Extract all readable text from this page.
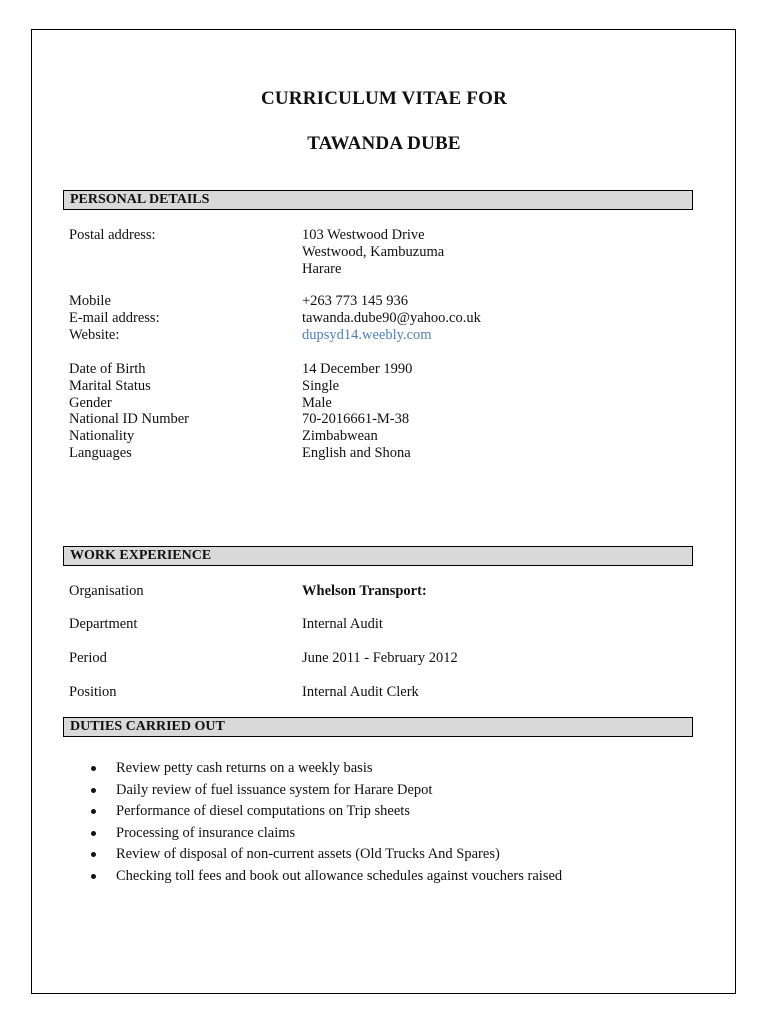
CURRICULUM VITAE FOR
TAWANDA DUBE
PERSONAL DETAILS
Postal address:	103 Westwood Drive
Westwood, Kambuzuma
Harare
Mobile	+263 773 145 936
E-mail address:	tawanda.dube90@yahoo.co.uk
Website:	dupsyd14.weebly.com
Date of Birth	14 December 1990
Marital Status	Single
Gender	Male
National ID Number	70-2016661-M-38
Nationality	Zimbabwean
Languages	English and Shona
WORK EXPERIENCE
Organisation	Whelson Transport:
Department	Internal Audit
Period	June 2011 - February 2012
Position	Internal Audit Clerk
DUTIES CARRIED OUT
Review petty cash returns on a weekly basis
Daily review of fuel issuance system for Harare Depot
Performance of diesel computations on Trip sheets
Processing of insurance claims
Review of disposal of non-current assets (Old Trucks And Spares)
Checking toll fees and book out allowance schedules against vouchers raised
